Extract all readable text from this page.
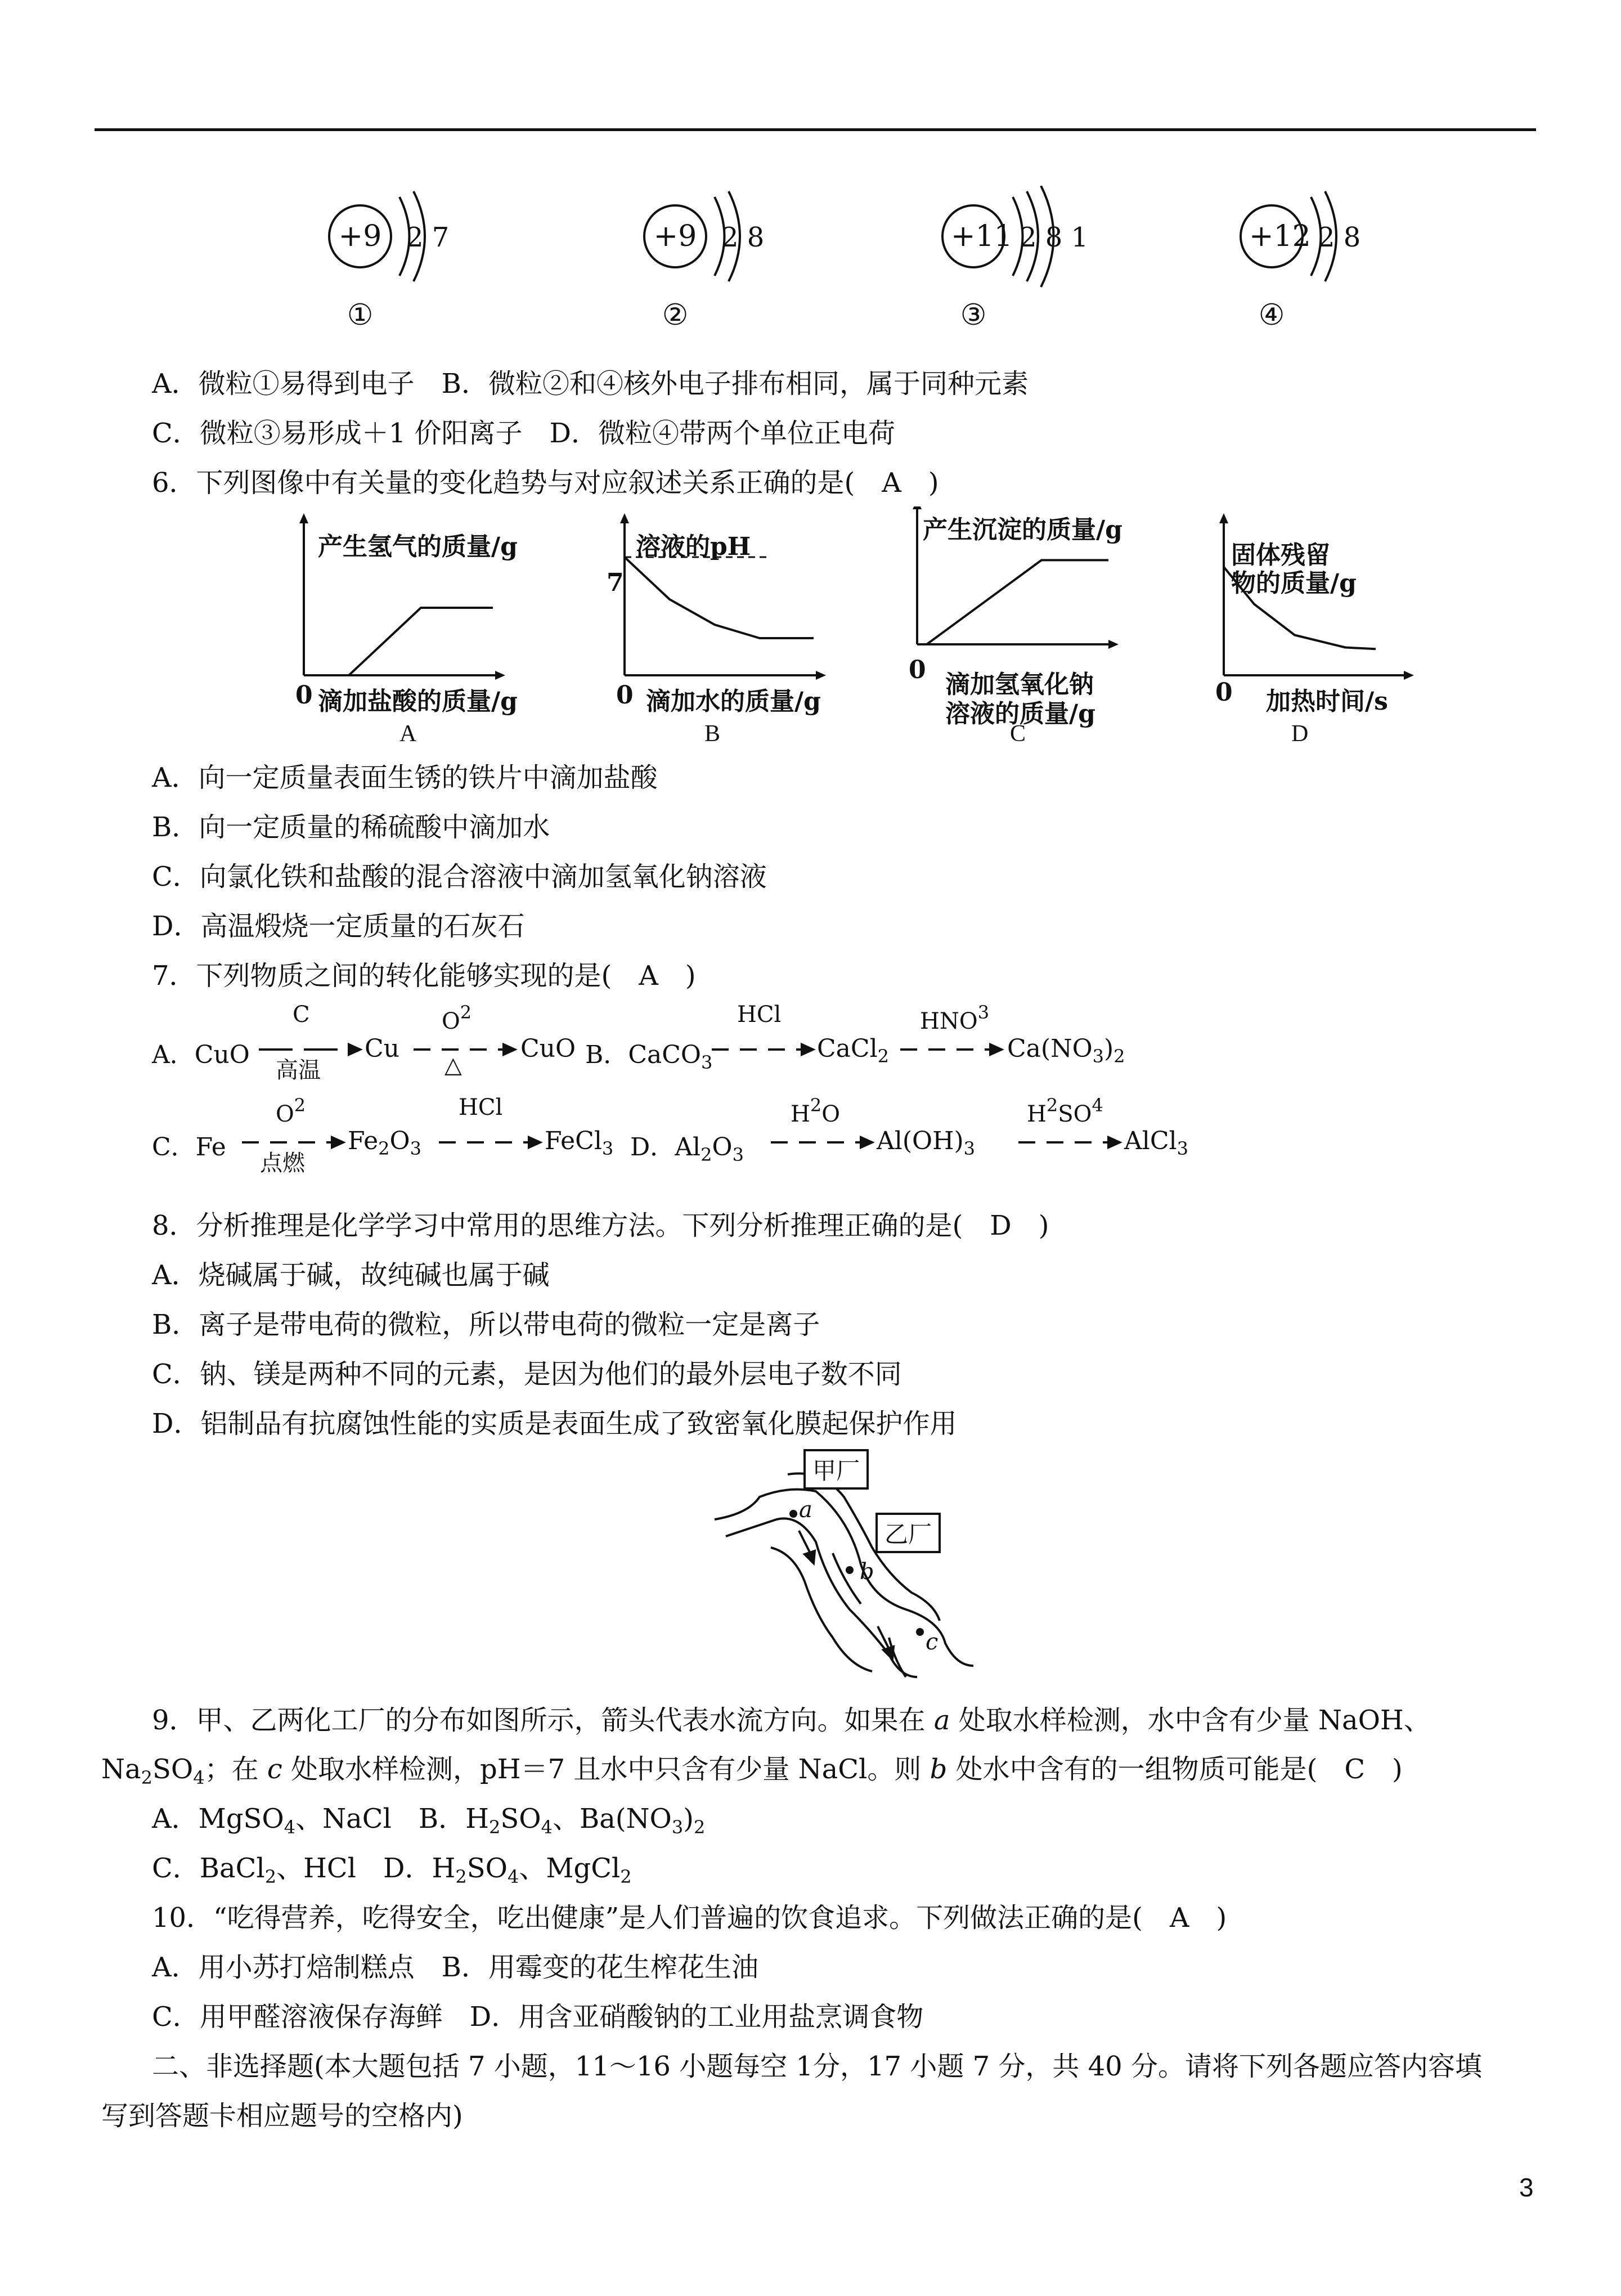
+9 2 7
①
+9 2 8
②
+11 2 8 1
③
+12 2 8
④
A．微粒①易得到电子　B．微粒②和④核外电子排布相同，属于同种元素
C．微粒③易形成＋1 价阳离子　D．微粒④带两个单位正电荷
6．下列图像中有关量的变化趋势与对应叙述关系正确的是(　A　)
产生氢气的质量/g
0 滴加盐酸的质量/g
A
溶液的pH
7
0 滴加水的质量/g
B
产生沉淀的质量/g
0
滴加氢氧化钠
溶液的质量/g
C
固体残留
物的质量/g
0 加热时间/s
D
A．向一定质量表面生锈的铁片中滴加盐酸
B．向一定质量的稀硫酸中滴加水
C．向氯化铁和盐酸的混合溶液中滴加氢氧化钠溶液
D．高温煅烧一定质量的石灰石
7．下列物质之间的转化能够实现的是(　A　)
A．CuO
C
高温
Cu
$O^2$
△
CuO B．CaCO$_3$
HCl
CaCl$_2$
HNO$^3$
$Ca(NO_3)_2$
C．Fe
$O^2$
点燃
$Fe_2O_3$
HCl
FeCl$_3$ D．$Al_2O_3$
$H^2O$
$Al(OH)_3$
$H^2SO^4$
AlCl$_3$
8．分析推理是化学学习中常用的思维方法。下列分析推理正确的是(　D　)
A．烧碱属于碱，故纯碱也属于碱
B．离子是带电荷的微粒，所以带电荷的微粒一定是离子
C．钠、镁是两种不同的元素，是因为他们的最外层电子数不同
D．铝制品有抗腐蚀性能的实质是表面生成了致密氧化膜起保护作用
甲厂
乙厂
a
b
c
9．甲、乙两化工厂的分布如图所示，箭头代表水流方向。如果在 a 处取水样检测，水中含有少量 NaOH、
$Na_2SO_4$；在 c 处取水样检测，pH＝7 且水中只含有少量 NaCl。则 b 处水中含有的一组物质可能是(　C　)
A．MgSO$_4$、NaCl　B．$H_2SO_4$、$Ba(NO_3)_2$
C．BaCl$_2$、HCl　D．$H_2SO_4$、MgCl$_2$
10．“吃得营养，吃得安全，吃出健康”是人们普遍的饮食追求。下列做法正确的是(　A　)
A．用小苏打焙制糕点　B．用霉变的花生榨花生油
C．用甲醛溶液保存海鲜　D．用含亚硝酸钠的工业用盐烹调食物
二、非选择题(本大题包括 7 小题，11～16 小题每空 1分，17 小题 7 分，共 40 分。请将下列各题应答内容填
写到答题卡相应题号的空格内)
3
